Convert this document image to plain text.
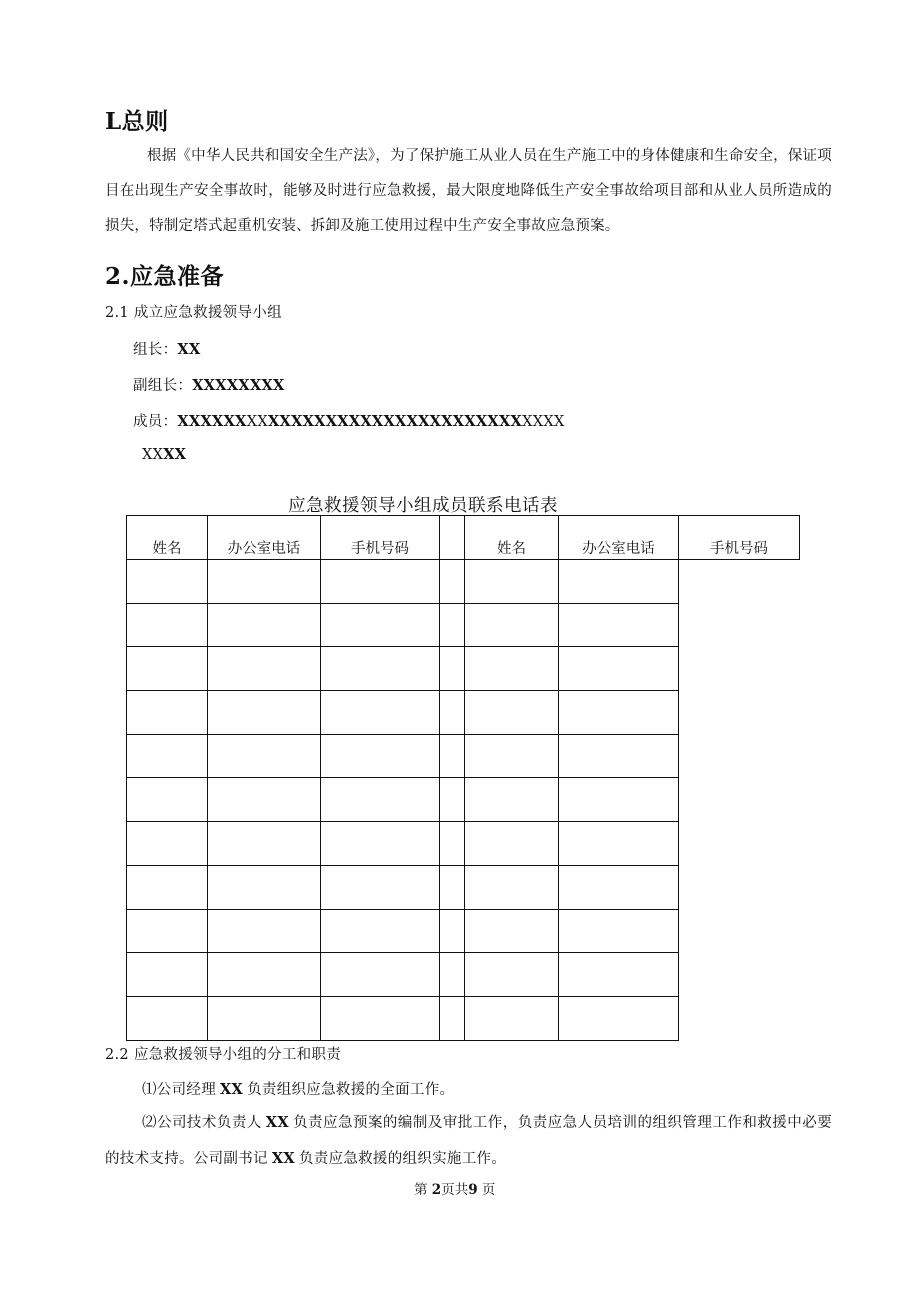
L总则
根据《中华人民共和国安全生产法》，为了保护施工从业人员在生产施工中的身体健康和生命安全，保证项目在出现生产安全事故时，能够及时进行应急救援，最大限度地降低生产安全事故给项目部和从业人员所造成的损失，特制定塔式起重机安装、拆卸及施工使用过程中生产安全事故应急预案。
2.应急准备
2.1 成立应急救援领导小组
组长：XX
副组长：XXXXXXXX
成员：XXXXXXXXXXXXXXXXXXXXXXXXXXXXXXXXXX
XXXX
应急救援领导小组成员联系电话表
姓名	办公室电话	手机号码		姓名	办公室电话	手机号码

2.2 应急救援领导小组的分工和职责
⑴公司经理 XX 负责组织应急救援的全面工作。
⑵公司技术负责人 XX 负责应急预案的编制及审批工作，负责应急人员培训的组织管理工作和救援中必要的技术支持。公司副书记 XX 负责应急救援的组织实施工作。
第 2页共9 页
